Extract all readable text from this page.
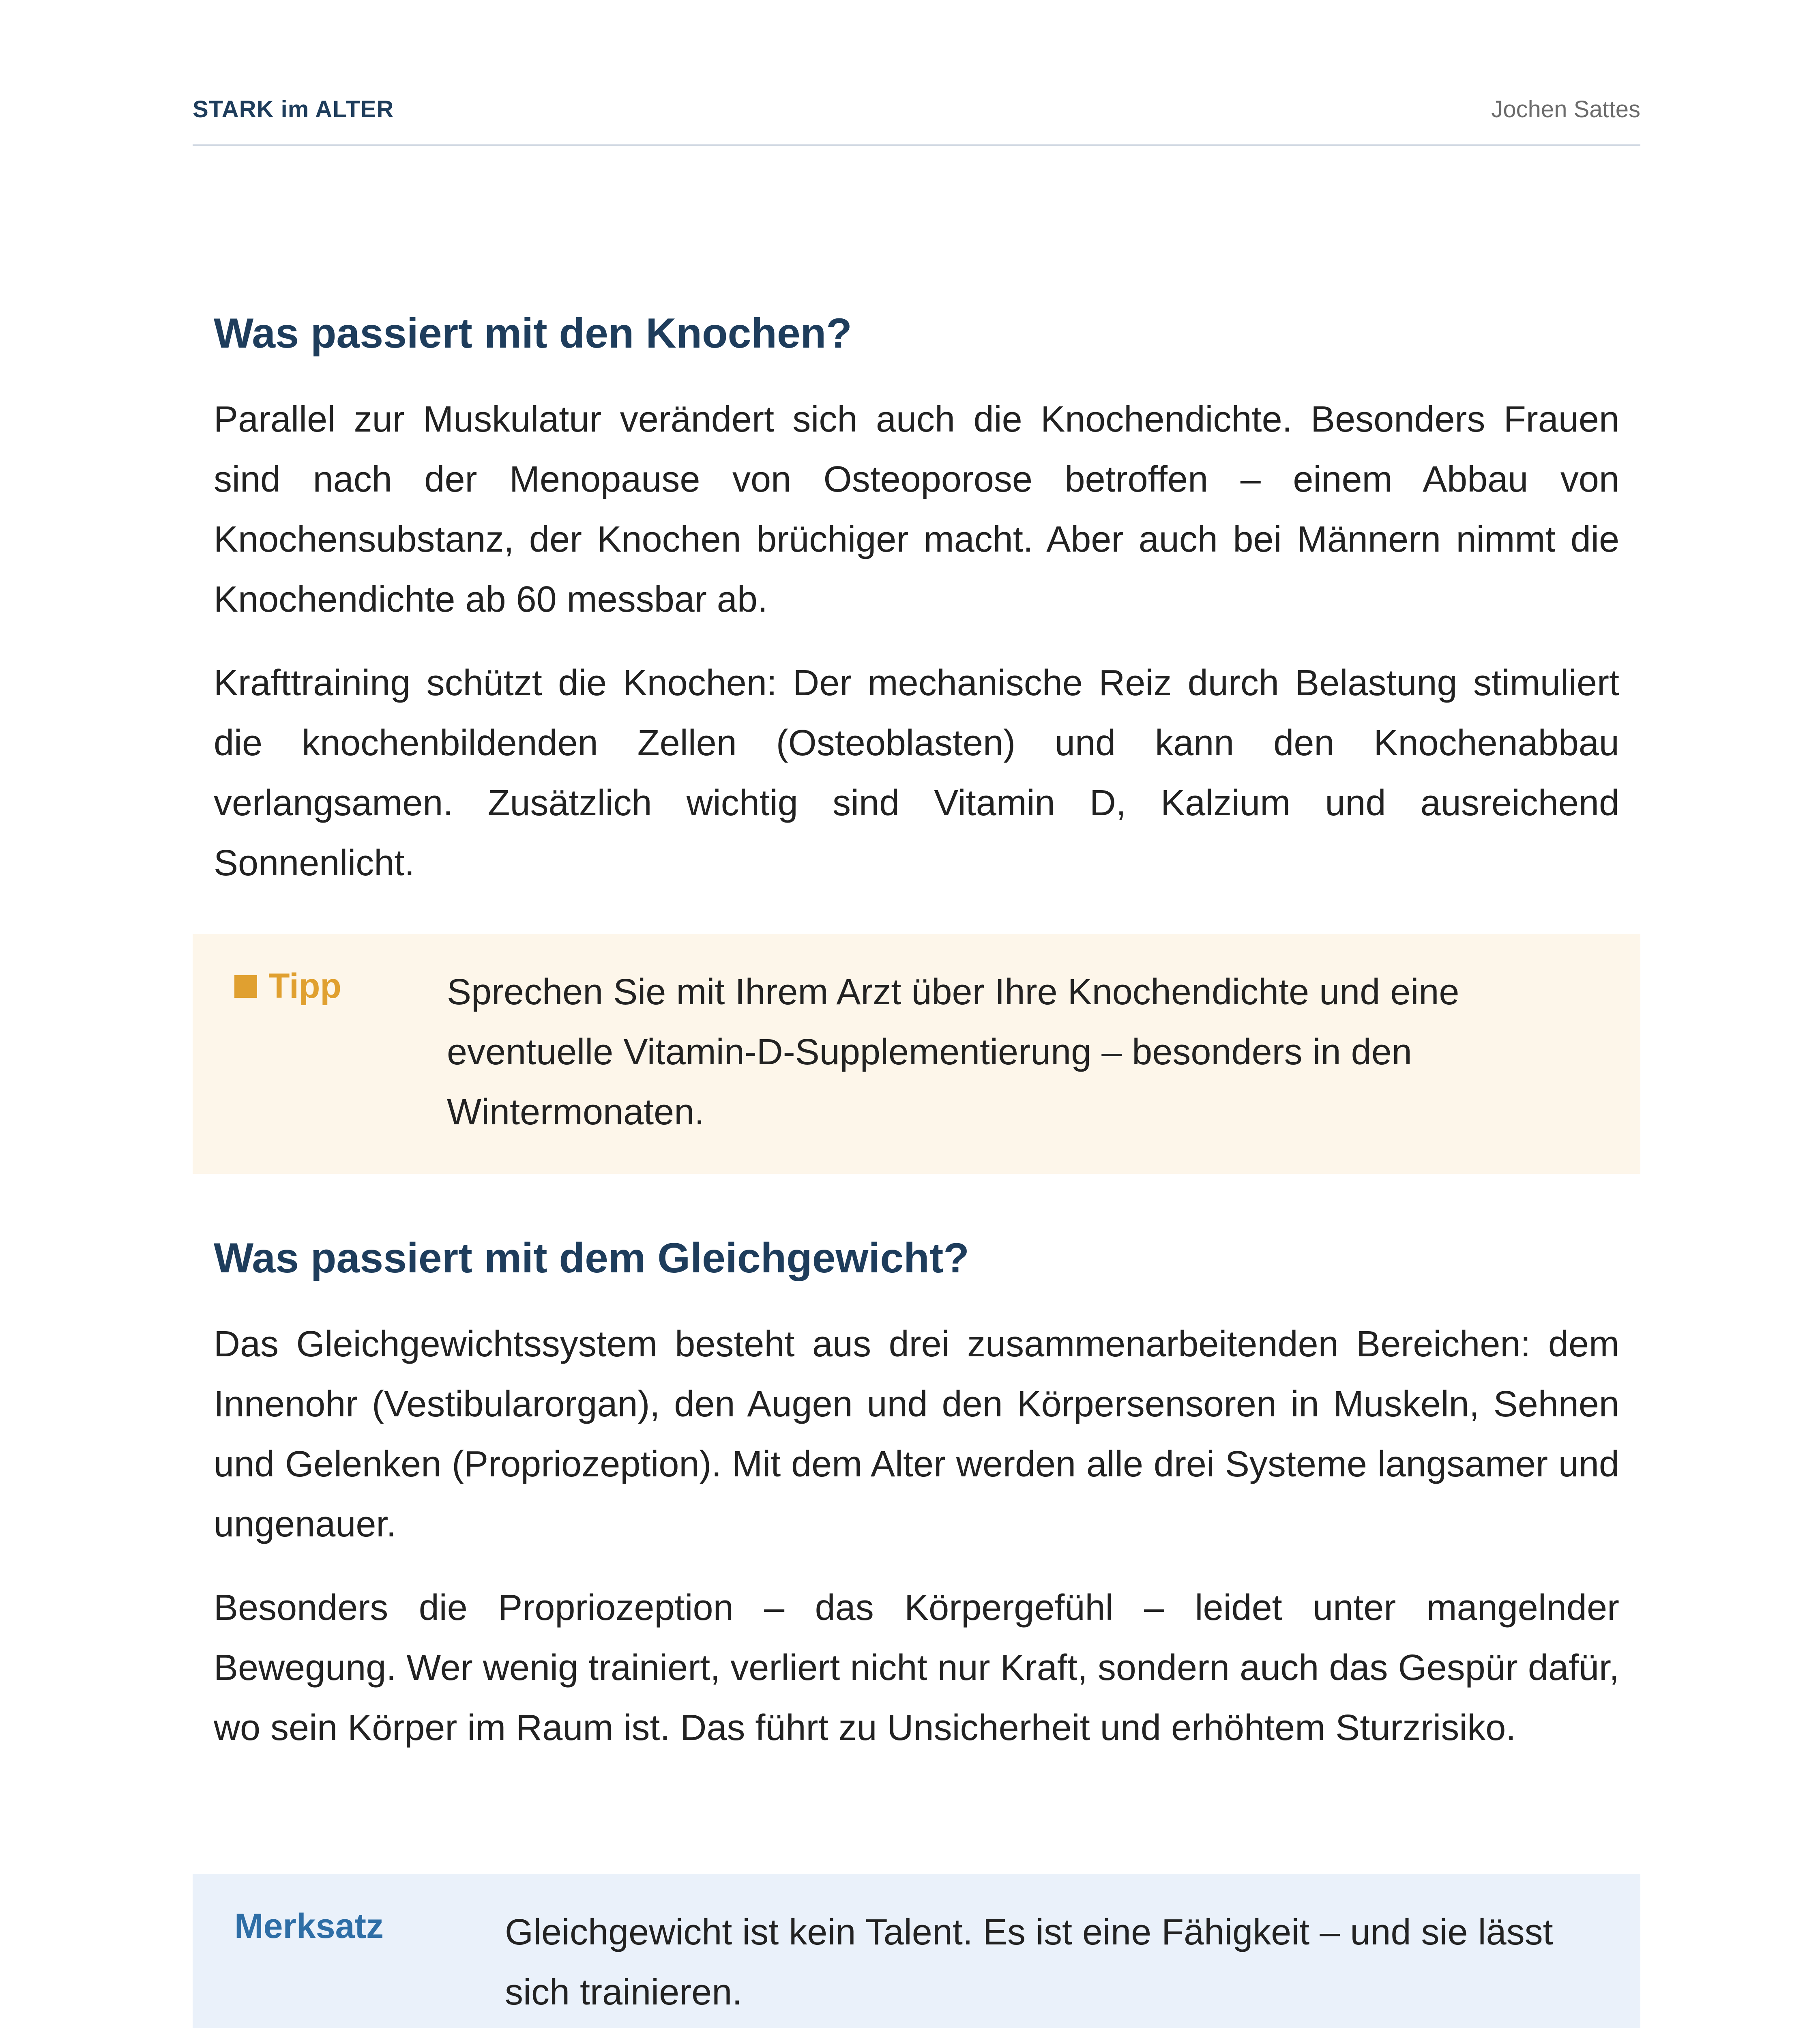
STARK im ALTER	Jochen Sattes
Was passiert mit den Knochen?

Parallel zur Muskulatur verändert sich auch die Knochendichte. Besonders Frauen sind nach der Menopause von Osteoporose betroffen – einem Abbau von Knochensubstanz, der Knochen brüchiger macht. Aber auch bei Männern nimmt die Knochendichte ab 60 messbar ab.

Krafttraining schützt die Knochen: Der mechanische Reiz durch Belastung stimuliert die knochenbildenden Zellen (Osteoblasten) und kann den Knochenabbau verlangsamen. Zusätzlich wichtig sind Vitamin D, Kalzium und ausreichend Sonnenlicht.

Tipp	Sprechen Sie mit Ihrem Arzt über Ihre Knochendichte und eine eventuelle Vitamin-D-Supplementierung – besonders in den Wintermonaten.
Was passiert mit dem Gleichgewicht?

Das Gleichgewichtssystem besteht aus drei zusammenarbeitenden Bereichen: dem Innenohr (Vestibularorgan), den Augen und den Körpersensoren in Muskeln, Sehnen und Gelenken (Propriozeption). Mit dem Alter werden alle drei Systeme langsamer und ungenauer.

Besonders die Propriozeption – das Körpergefühl – leidet unter mangelnder Bewegung. Wer wenig trainiert, verliert nicht nur Kraft, sondern auch das Gespür dafür, wo sein Körper im Raum ist. Das führt zu Unsicherheit und erhöhtem Sturzrisiko.

Merksatz	Gleichgewicht ist kein Talent. Es ist eine Fähigkeit – und sie lässt sich trainieren.
